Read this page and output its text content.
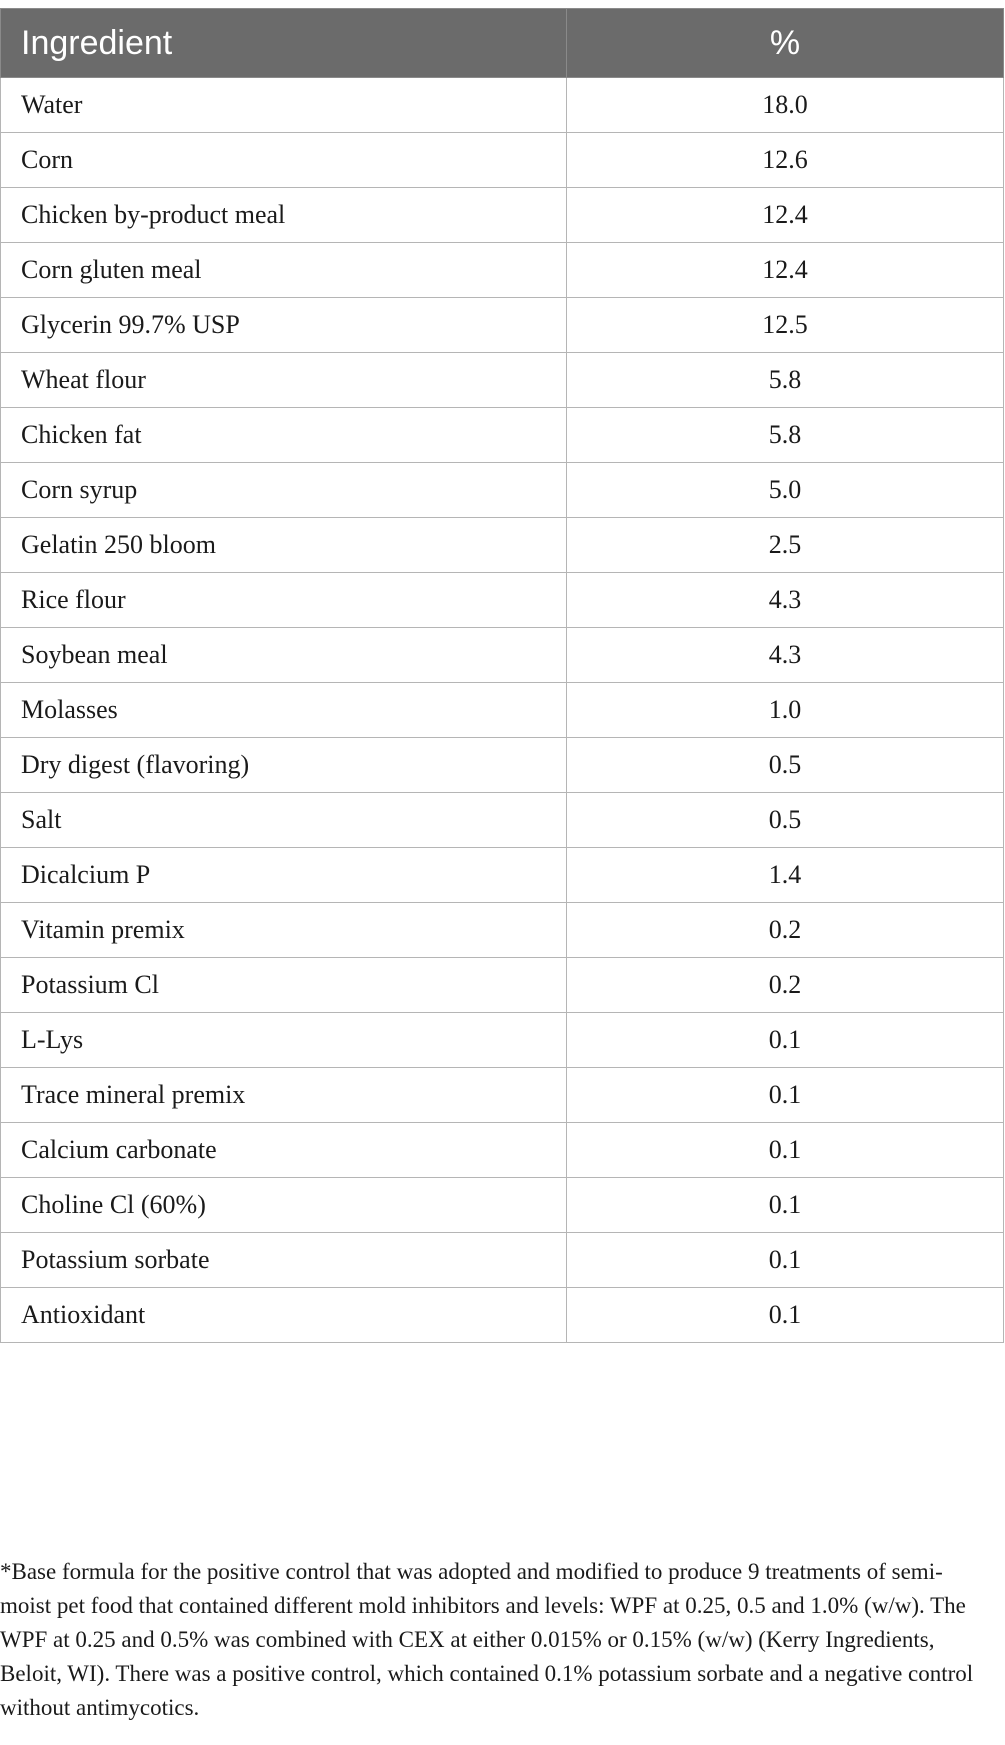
Ingredient	%
Water	18.0
Corn	12.6
Chicken by-product meal	12.4
Corn gluten meal	12.4
Glycerin 99.7% USP	12.5
Wheat flour	5.8
Chicken fat	5.8
Corn syrup	5.0
Gelatin 250 bloom	2.5
Rice flour	4.3
Soybean meal	4.3
Molasses	1.0
Dry digest (flavoring)	0.5
Salt	0.5
Dicalcium P	1.4
Vitamin premix	0.2
Potassium Cl	0.2
L-Lys	0.1
Trace mineral premix	0.1
Calcium carbonate	0.1
Choline Cl (60%)	0.1
Potassium sorbate	0.1
Antioxidant	0.1

*Base formula for the positive control that was adopted and modified to produce 9 treatments of semi-moist pet food that contained different mold inhibitors and levels: WPF at 0.25, 0.5 and 1.0% (w/w). The WPF at 0.25 and 0.5% was combined with CEX at either 0.015% or 0.15% (w/w) (Kerry Ingredients, Beloit, WI). There was a positive control, which contained 0.1% potassium sorbate and a negative control without antimycotics.
